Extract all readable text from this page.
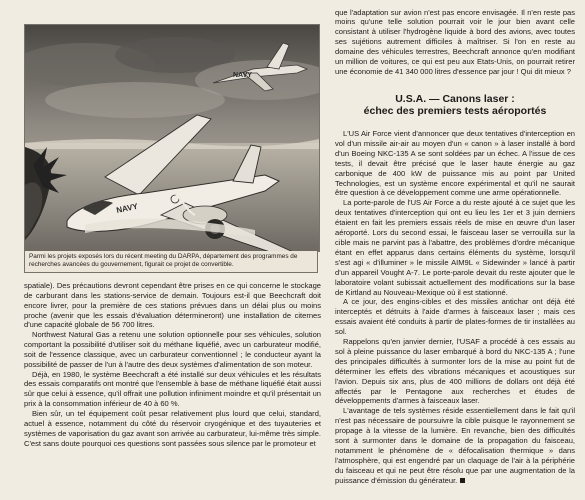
NAVY
NAVY
Parmi les projets exposés lors du récent meeting du DARPA, département des programmes de recherches avancées du gouvernement, figurait ce projet de convertible.

spatiale). Des précautions devront cependant être prises en ce qui concerne le stockage de carburant dans les stations-service de demain. Toujours est-il que Beechcraft doit encore livrer, pour la première de ces stations prévues dans un délai plus ou moins proche (avenir que les essais d'évaluation détermineront) une installation de citernes d'une capacité globale de 56 700 litres.

Northwest Natural Gas a retenu une solution optionnelle pour ses véhicules, solution comportant la possibilité d'utiliser soit du méthane liquéfié, avec un carburateur modifié, soit de l'essence classique, avec un carburateur conventionnel ; le conducteur ayant la possibilité de passer de l'un à l'autre des deux systèmes d'alimentation de son moteur.

Déjà, en 1980, le système Beechcraft a été installé sur deux véhicules et les résultats des essais comparatifs ont montré que l'ensemble à base de méthane liquéfié était aussi sûr que celui à essence, qu'il offrait une pollution infiniment moindre et qu'il présentait un prix à la consommation inférieur de 40 à 60 %.

Bien sûr, un tel équipement coût pesar relativement plus lourd que celui, standard, actuel à essence, notamment du côté du réservoir cryogénique et des tuyauteries et systèmes de vaporisation du gaz avant son arrivée au carburateur, lui-même très simple. C'est sans doute pourquoi ces questions sont passées sous silence par le promoteur et

que l'adaptation sur avion n'est pas encore envisagée. Il n'en reste pas moins qu'une telle solution pourrait voir le jour bien avant celle consistant à utiliser l'hydrogène liquide à bord des avions, avec toutes ses sujétions autrement difficiles à maîtriser. Si l'on en reste au domaine des véhicules terrestres, Beechcraft annonce qu'en modifiant un million de voitures, ce qui est peu aux Etats-Unis, on pourrait retirer une économie de 41 340 000 litres d'essence par jour ! Qui dit mieux ?

U.S.A. — Canons laser :
échec des premiers tests aéroportés

L'US Air Force vient d'annoncer que deux tentatives d'interception en vol d'un missile air-air au moyen d'un « canon » à laser installé à bord d'un Boeing NKC-135 A se sont soldées par un échec. A l'issue de ces tests, il devait être précisé que le laser haute énergie au gaz carbonique de 400 kW de puissance mis au point par United Technologies, est un système encore expérimental et qu'il ne saurait être question à ce développement comme une arme opérationnelle.

La porte-parole de l'US Air Force a du reste ajouté à ce sujet que les deux tentatives d'interception qui ont eu lieu les 1er et 3 juin derniers étaient en fait les premiers essais réels de mise en œuvre d'un laser aéroporté. Lors du second essai, le faisceau laser se verrouilla sur la cible mais ne parvint pas à l'abattre, des problèmes d'ordre mécanique étant en effet apparus dans certains éléments du système, lorsqu'il s'est agi « d'illuminer » le missile AIM9L « Sidewinder » lancé à partir d'un appareil Vought A-7. Le porte-parole devait du reste ajouter que le laboratoire volant subissait actuellement des modifications sur la base de Kirtland au Nouveau-Mexique où il est stationné.

A ce jour, des engins-cibles et des missiles antichar ont déjà été interceptés et détruits à l'aide d'armes à faisceaux laser ; mais ces essais avaient été conduits à partir de plates-formes de tir installées au sol.

Rappelons qu'en janvier dernier, l'USAF a procédé à ces essais au sol à pleine puissance du laser embarqué à bord du NKC-135 A ; l'une des principales difficultés à surmonter lors de la mise au point fut de déterminer les effets des vibrations mécaniques et acoustiques sur l'avion. Depuis six ans, plus de 400 millions de dollars ont déjà été affectés par le Pentagone aux recherches et études de développements d'armes à faisceaux laser.

L'avantage de tels systèmes réside essentiellement dans le fait qu'il n'est pas nécessaire de poursuivre la cible puisque le rayonnement se propage à la vitesse de la lumière. En revanche, bien des difficultés sont à surmonter dans le domaine de la propagation du faisceau, notamment le phénomène de « défocalisation thermique » dans l'atmosphère, qui est engendré par un claquage de l'air à la périphérie du faisceau et qui ne peut être résolu que par une augmentation de la puissance d'émission du générateur.
